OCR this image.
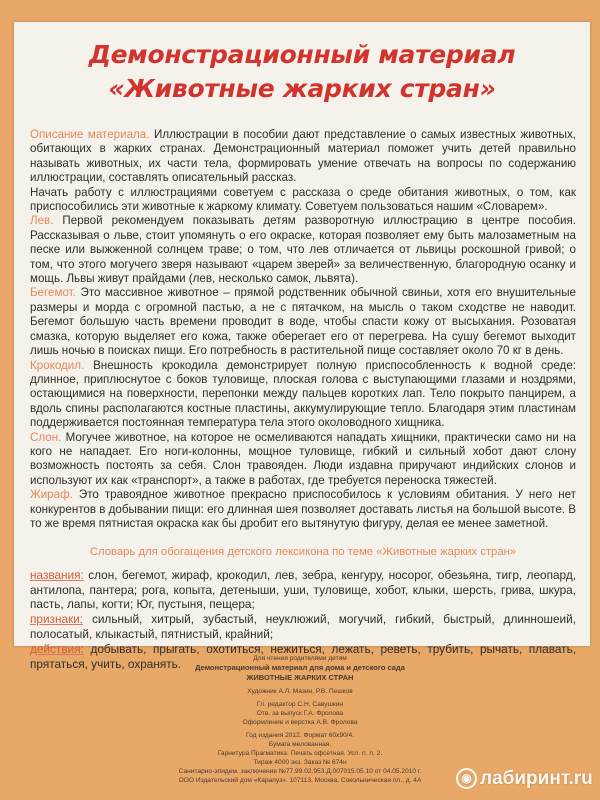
Демонстрационный материал
«Животные жарких стран»

Описание материала. Иллюстрации в пособии дают представление о самых известных животных, обитающих в жарких странах. Демонстрационный материал поможет учить детей правильно называть животных, их части тела, формировать умение отвечать на вопросы по содержанию иллюстрации, составлять описательный рассказ.

Начать работу с иллюстрациями советуем с рассказа о среде обитания животных, о том, как приспособились эти животные к жаркому климату. Советуем пользоваться нашим «Словарем».

Лев. Первой рекомендуем показывать детям разворотную иллюстрацию в центре пособия. Рассказывая о льве, стоит упомянуть о его окраске, которая позволяет ему быть малозаметным на песке или выжженной солнцем траве; о том, что лев отличается от львицы роскошной гривой; о том, что этого могучего зверя называют «царем зверей» за величественную, благородную осанку и мощь. Львы живут прайдами (лев, несколько самок, львята).

Бегемот. Это массивное животное – прямой родственник обычной свиньи, хотя его внушительные размеры и морда с огромной пастью, а не с пятачком, на мысль о таком сходстве не наводит. Бегемот большую часть времени проводит в воде, чтобы спасти кожу от высыхания. Розоватая смазка, которую выделяет его кожа, также оберегает его от перегрева. На сушу бегемот выходит лишь ночью в поисках пищи. Его потребность в растительной пище составляет около 70 кг в день.

Крокодил. Внешность крокодила демонстрирует полную приспособленность к водной среде: длинное, приплюснутое с боков туловище, плоская голова с выступающими глазами и ноздрями, остающимися на поверхности, перепонки между пальцев коротких лап. Тело покрыто панцирем, а вдоль спины располагаются костные пластины, аккумулирующие тепло. Благодаря этим пластинам поддерживается постоянная температура тела этого околоводного хищника.

Слон. Могучее животное, на которое не осмеливаются нападать хищники, практически само ни на кого не нападает. Его ноги-колонны, мощное туловище, гибкий и сильный хобот дают слону возможность постоять за себя. Слон травояден. Люди издавна приручают индийских слонов и используют их как «транспорт», а также в работах, где требуется переноска тяжестей.

Жираф. Это травоядное животное прекрасно приспособилось к условиям обитания. У него нет конкурентов в добывании пищи: его длинная шея позволяет доставать листья на большой высоте. В то же время пятнистая окраска как бы дробит его вытянутую фигуру, делая ее менее заметной.

Словарь для обогащения детского лексикона по теме «Животные жарких стран»

названия: слон, бегемот, жираф, крокодил, лев, зебра, кенгуру, носорог, обезьяна, тигр, леопард, антилопа, пантера; рога, копыта, детеныши, уши, туловище, хобот, клыки, шерсть, грива, шкура, пасть, лапы, когти; Юг, пустыня, пещера;

признаки: сильный, хитрый, зубастый, неуклюжий, могучий, гибкий, быстрый, длинношеий, полосатый, клыкастый, пятнистый, крайний;

действия: добывать, прыгать, охотиться, нежиться, лежать, реветь, трубить, рычать, плавать, прятаться, учить, охранять.	Для чтения родителями детям
Демонстрационный материал для дома и детского сада
ЖИВОТНЫЕ ЖАРКИХ СТРАН
Художник А.Л. Мазин, Р.В. Пешков
Гл. редактор С.Н. Савушкин
Отв. за выпуск Г.А. Фролова
Оформление и верстка А.В. Фролова
Год издания 2012. Формат 60х90/4.
Бумага мелованная.
Гарнитура Прагматика. Печать офсетная. Усл. п. л. 2.
Тираж 4000 экз. Заказ № 674н
Санитарно-эпидем. заключение №77.99.02.953.Д.007015.05.10 от 04.05.2010 г.
ООО Издательский дом «Карапуз». 107113, Москва, Сокольническая пл., д. 4А	◉ лабиринт.ru
